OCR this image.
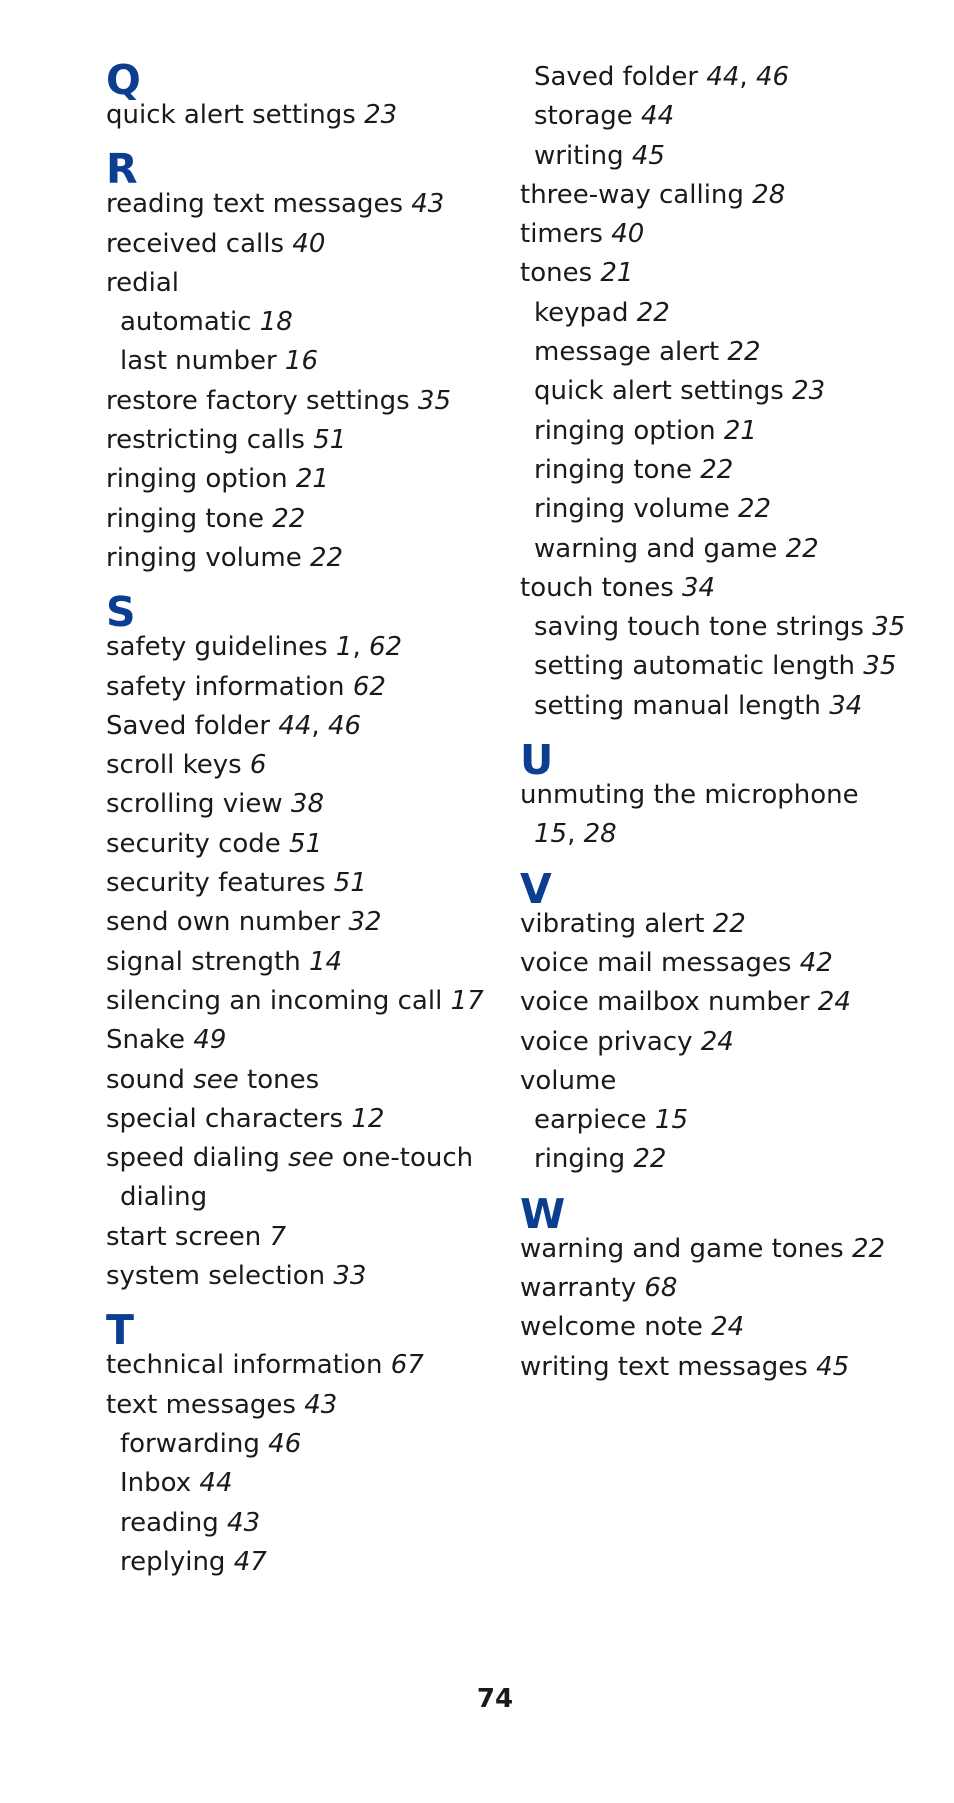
Q
quick alert settings 23
R
reading text messages 43
received calls 40
redial
automatic 18
last number 16
restore factory settings 35
restricting calls 51
ringing option 21
ringing tone 22
ringing volume 22
S
safety guidelines 1, 62
safety information 62
Saved folder 44, 46
scroll keys 6
scrolling view 38
security code 51
security features 51
send own number 32
signal strength 14
silencing an incoming call 17
Snake 49
sound see tones
special characters 12
speed dialing see one-touch
dialing
start screen 7
system selection 33
T
technical information 67
text messages 43
forwarding 46
Inbox 44
reading 43
replying 47
Saved folder 44, 46
storage 44
writing 45
three-way calling 28
timers 40
tones 21
keypad 22
message alert 22
quick alert settings 23
ringing option 21
ringing tone 22
ringing volume 22
warning and game 22
touch tones 34
saving touch tone strings 35
setting automatic length 35
setting manual length 34
U
unmuting the microphone
15, 28
V
vibrating alert 22
voice mail messages 42
voice mailbox number 24
voice privacy 24
volume
earpiece 15
ringing 22
W
warning and game tones 22
warranty 68
welcome note 24
writing text messages 45
74
